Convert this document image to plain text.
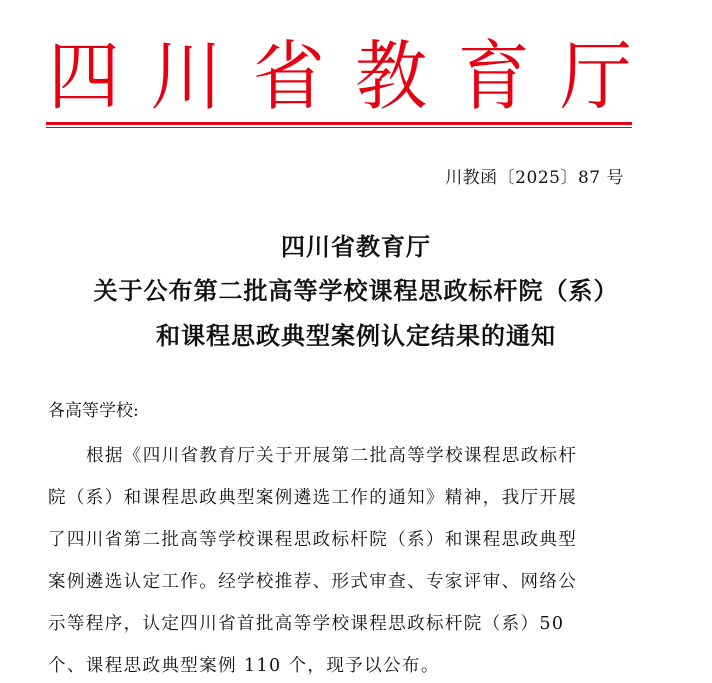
四 川 省 教 育 厅
川教函〔2025〕87 号
四川省教育厅
关于公布第二批高等学校课程思政标杆院（系）
和课程思政典型案例认定结果的通知
各高等学校:
根据《四川省教育厅关于开展第二批高等学校课程思政标杆
院（系）和课程思政典型案例遴选工作的通知》精神，我厅开展
了四川省第二批高等学校课程思政标杆院（系）和课程思政典型
案例遴选认定工作。经学校推荐、形式审查、专家评审、网络公
示等程序，认定四川省首批高等学校课程思政标杆院（系）50
个、课程思政典型案例 110 个，现予以公布。
